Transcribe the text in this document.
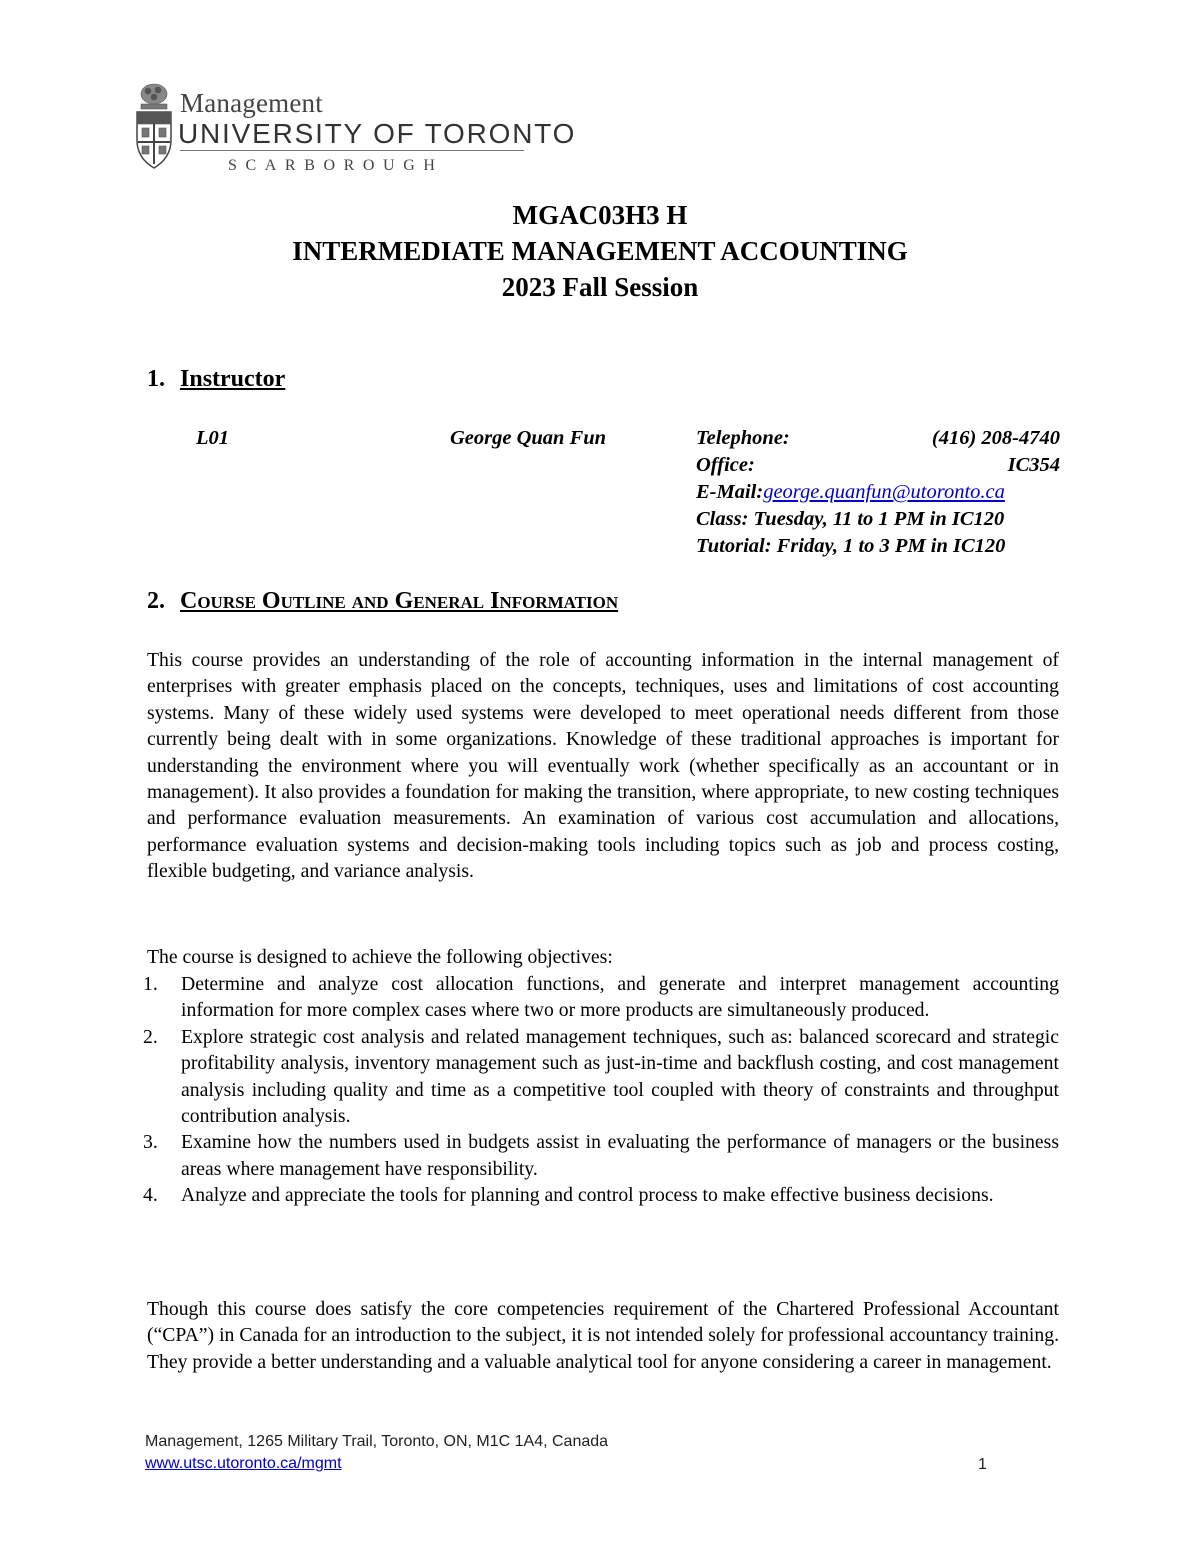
Management
UNIVERSITY OF TORONTO
SCARBOROUGH
MGAC03H3 H
INTERMEDIATE MANAGEMENT ACCOUNTING
2023 Fall Session
1. Instructor
L01	George Quan Fun	Telephone:	(416) 208-4740
Office:	IC354
E-Mail:george.quanfun@utoronto.ca
Class: Tuesday, 11 to 1 PM in IC120
Tutorial: Friday, 1 to 3 PM in IC120
2. Course Outline and General Information
This course provides an understanding of the role of accounting information in the internal management of enterprises with greater emphasis placed on the concepts, techniques, uses and limitations of cost accounting systems. Many of these widely used systems were developed to meet operational needs different from those currently being dealt with in some organizations. Knowledge of these traditional approaches is important for understanding the environment where you will eventually work (whether specifically as an accountant or in management). It also provides a foundation for making the transition, where appropriate, to new costing techniques and performance evaluation measurements. An examination of various cost accumulation and allocations, performance evaluation systems and decision-making tools including topics such as job and process costing, flexible budgeting, and variance analysis.
The course is designed to achieve the following objectives:
1. Determine and analyze cost allocation functions, and generate and interpret management accounting information for more complex cases where two or more products are simultaneously produced.
2. Explore strategic cost analysis and related management techniques, such as: balanced scorecard and strategic profitability analysis, inventory management such as just-in-time and backflush costing, and cost management analysis including quality and time as a competitive tool coupled with theory of constraints and throughput contribution analysis.
3. Examine how the numbers used in budgets assist in evaluating the performance of managers or the business areas where management have responsibility.
4. Analyze and appreciate the tools for planning and control process to make effective business decisions.
Though this course does satisfy the core competencies requirement of the Chartered Professional Accountant (“CPA”) in Canada for an introduction to the subject, it is not intended solely for professional accountancy training. They provide a better understanding and a valuable analytical tool for anyone considering a career in management.
Management, 1265 Military Trail, Toronto, ON, M1C 1A4, Canada
www.utsc.utoronto.ca/mgmt	1
